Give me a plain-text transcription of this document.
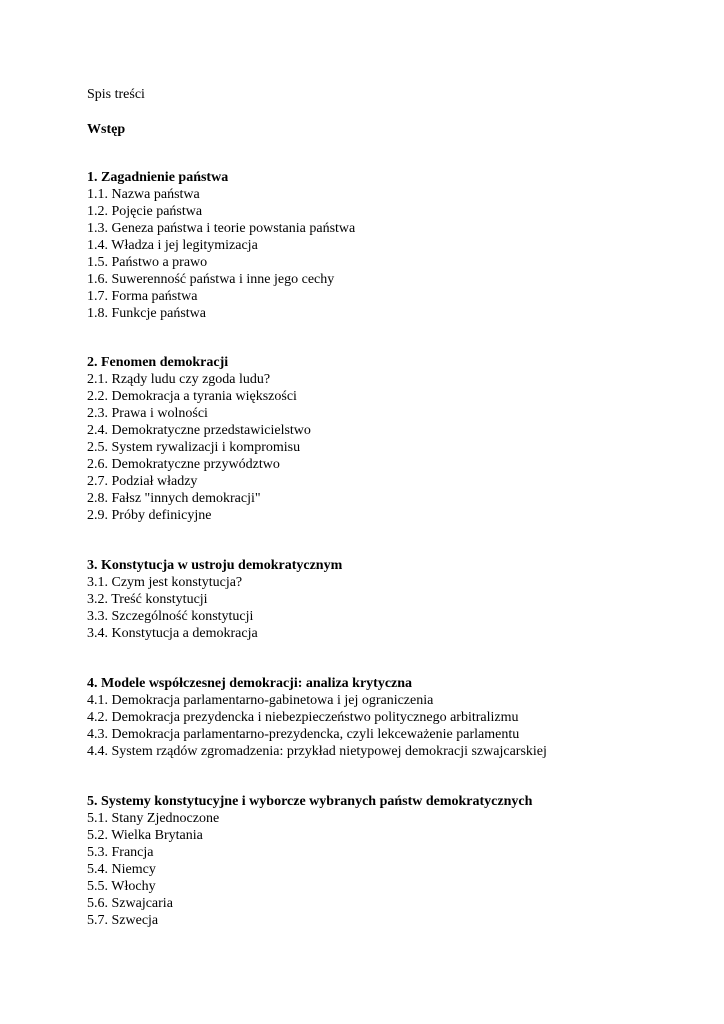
Spis treści
Wstęp
1. Zagadnienie państwa
1.1. Nazwa państwa
1.2. Pojęcie państwa
1.3. Geneza państwa i teorie powstania państwa
1.4. Władza i jej legitymizacja
1.5. Państwo a prawo
1.6. Suwerenność państwa i inne jego cechy
1.7. Forma państwa
1.8. Funkcje państwa
2. Fenomen demokracji
2.1. Rządy ludu czy zgoda ludu?
2.2. Demokracja a tyrania większości
2.3. Prawa i wolności
2.4. Demokratyczne przedstawicielstwo
2.5. System rywalizacji i kompromisu
2.6. Demokratyczne przywództwo
2.7. Podział władzy
2.8. Fałsz "innych demokracji"
2.9. Próby definicyjne
3. Konstytucja w ustroju demokratycznym
3.1. Czym jest konstytucja?
3.2. Treść konstytucji
3.3. Szczególność konstytucji
3.4. Konstytucja a demokracja
4. Modele współczesnej demokracji: analiza krytyczna
4.1. Demokracja parlamentarno-gabinetowa i jej ograniczenia
4.2. Demokracja prezydencka i niebezpieczeństwo politycznego arbitralizmu
4.3. Demokracja parlamentarno-prezydencka, czyli lekceważenie parlamentu
4.4. System rządów zgromadzenia: przykład nietypowej demokracji szwajcarskiej
5. Systemy konstytucyjne i wyborcze wybranych państw demokratycznych
5.1. Stany Zjednoczone
5.2. Wielka Brytania
5.3. Francja
5.4. Niemcy
5.5. Włochy
5.6. Szwajcaria
5.7. Szwecja
